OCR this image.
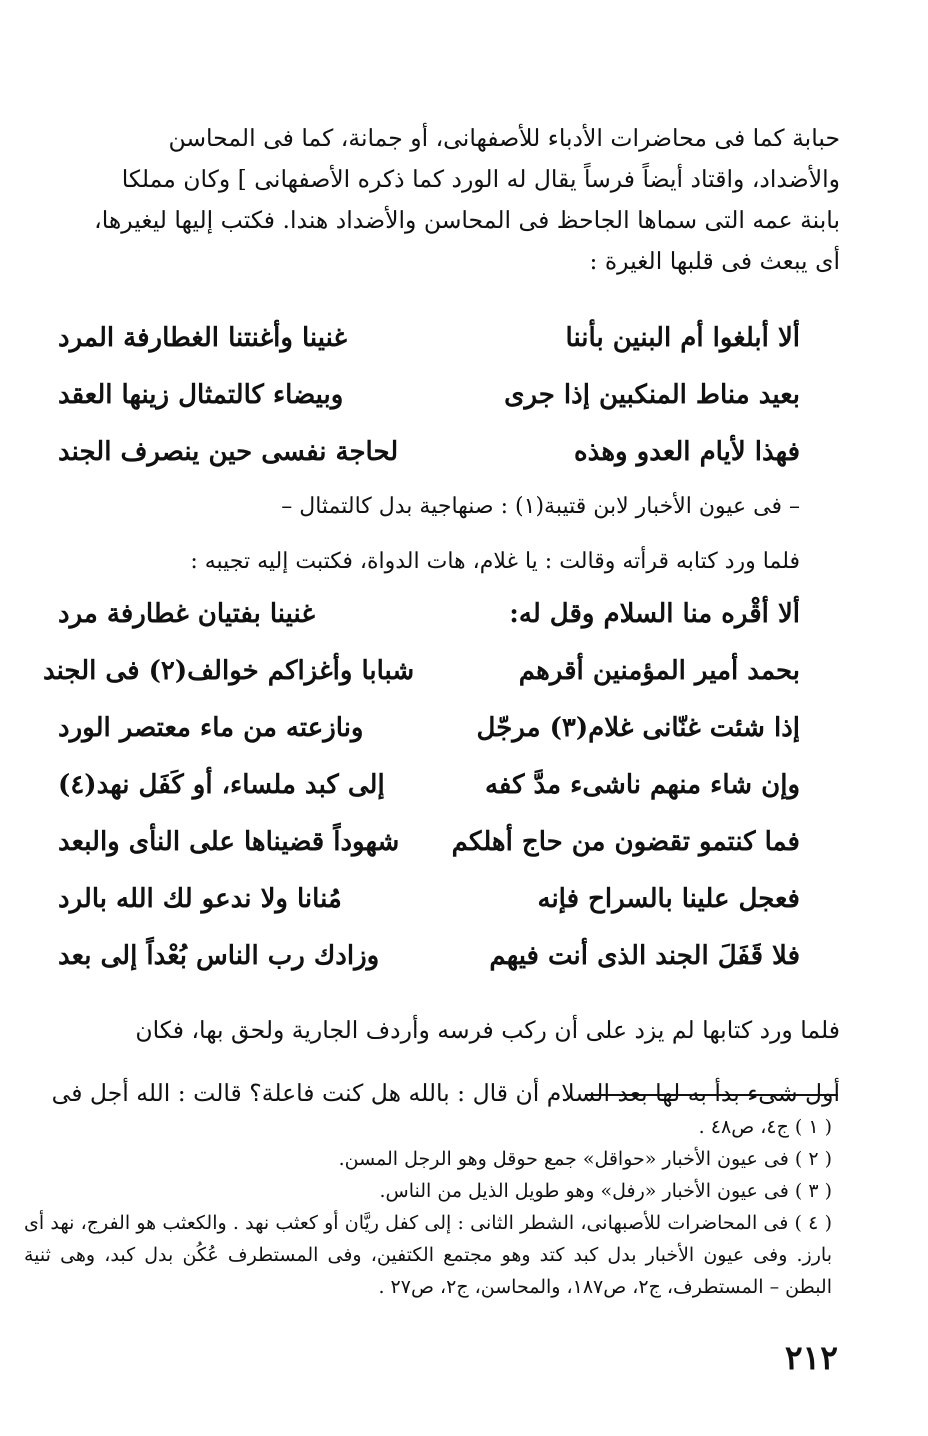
حبابة كما فى محاضرات الأدباء للأصفهانى، أو جمانة، كما فى المحاسن

والأضداد، واقتاد أيضاً فرساً يقال له الورد كما ذكره الأصفهانى ] وكان مملكا

بابنة عمه التى سماها الجاحظ فى المحاسن والأضداد هندا. فكتب إليها ليغيرها،

أى يبعث فى قلبها الغيرة :

ألا أبلغوا أم البنين بأننا
غنينا وأغنتنا الغطارفة المرد
بعيد مناط المنكبين إذا جرى
وبيضاء كالتمثال زينها العقد
فهذا لأيام العدو وهذه
لحاجة نفسى حين ينصرف الجند
– فى عيون الأخبار لابن قتيبة(١) : صنهاجية بدل كالتمثال –
فلما ورد كتابه قرأته وقالت : يا غلام، هات الدواة، فكتبت إليه تجيبه :
ألا أقْره منا السلام وقل له:
غنينا بفتيان غطارفة مرد
بحمد أمير المؤمنين أقرهم
شبابا وأغزاكم خوالف(٢) فى الجند
إذا شئت غنّانى غلام(٣) مرجّل
ونازعته من ماء معتصر الورد
وإن شاء منهم ناشىء مدَّ كفه
إلى كبد ملساء، أو كَفَل نهد(٤)
فما كنتمو تقضون من حاج أهلكم
شهوداً قضيناها على النأى والبعد
فعجل علينا بالسراح فإنه
مُنانا ولا ندعو لك الله بالرد
فلا قَفَلَ الجند الذى أنت فيهم
وزادك رب الناس بُعْداً إلى بعد

فلما ورد كتابها لم يزد على أن ركب فرسه وأردف الجارية ولحق بها، فكان

أول شىء بدأ به لها بعد السلام أن قال : بالله هل كنت فاعلة؟ قالت : الله أجل فى

( ١ ) ج٤، ص٤٨ .

( ٢ ) فى عيون الأخبار «حواقل» جمع حوقل وهو الرجل المسن.

( ٣ ) فى عيون الأخبار «رفل» وهو طويل الذيل من الناس.

( ٤ ) فى المحاضرات للأصبهانى، الشطر الثانى : إلى كفل ريَّان أو كعثب نهد . والكعثب هو الفرج، نهد أى بارز. وفى عيون الأخبار بدل كبد كتد وهو مجتمع الكتفين، وفى المستطرف عُكُن بدل كبد، وهى ثنية البطن – المستطرف، ج٢، ص١٨٧، والمحاسن، ج٢، ص٢٧ .

٢١٢
